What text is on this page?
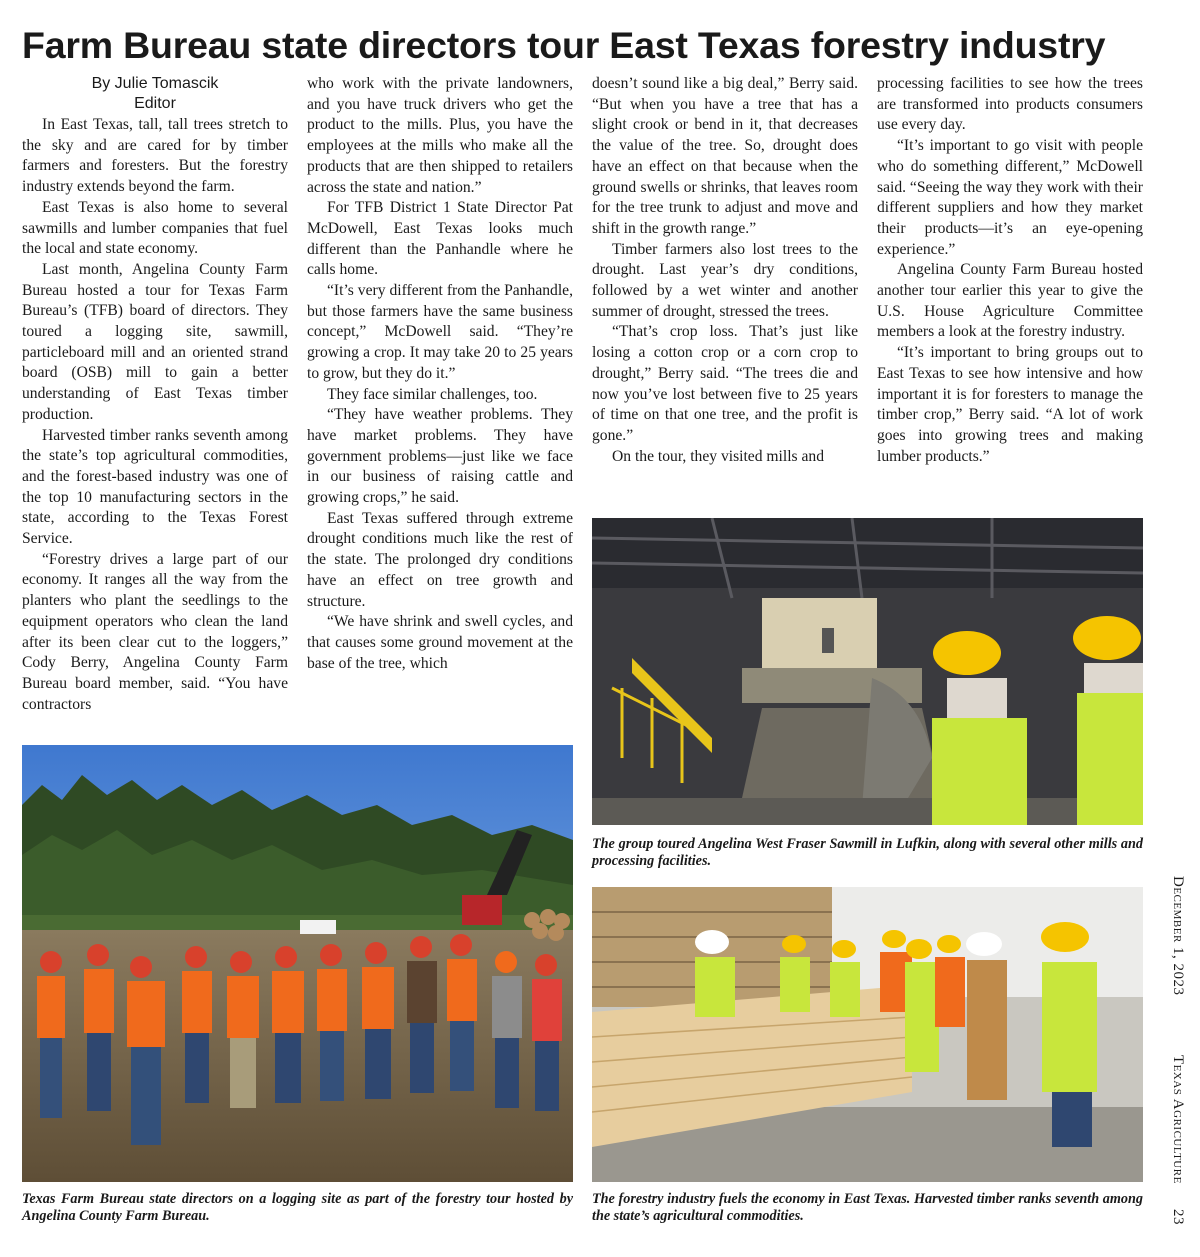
Farm Bureau state directors tour East Texas forestry industry
By Julie Tomascik
Editor

In East Texas, tall, tall trees stretch to the sky and are cared for by timber farmers and foresters. But the forestry industry extends beyond the farm.

East Texas is also home to several sawmills and lumber companies that fuel the local and state economy.

Last month, Angelina County Farm Bureau hosted a tour for Texas Farm Bureau’s (TFB) board of directors. They toured a logging site, sawmill, particleboard mill and an oriented strand board (OSB) mill to gain a better understanding of East Texas timber production.

Harvested timber ranks seventh among the state’s top agricultural commodities, and the forest-based industry was one of the top 10 manufacturing sectors in the state, according to the Texas Forest Service.

“Forestry drives a large part of our economy. It ranges all the way from the planters who plant the seedlings to the equipment operators who clean the land after its been clear cut to the loggers,” Cody Berry, Angelina County Farm Bureau board member, said. “You have contractors

who work with the private landowners, and you have truck drivers who get the product to the mills. Plus, you have the employees at the mills who make all the products that are then shipped to retailers across the state and nation.”

For TFB District 1 State Director Pat McDowell, East Texas looks much different than the Panhandle where he calls home.

“It’s very different from the Panhandle, but those farmers have the same business concept,” McDowell said. “They’re growing a crop. It may take 20 to 25 years to grow, but they do it.”

They face similar challenges, too.

“They have weather problems. They have market problems. They have government problems—just like we face in our business of raising cattle and growing crops,” he said.

East Texas suffered through extreme drought conditions much like the rest of the state. The prolonged dry conditions have an effect on tree growth and structure.

“We have shrink and swell cycles, and that causes some ground movement at the base of the tree, which

doesn’t sound like a big deal,” Berry said. “But when you have a tree that has a slight crook or bend in it, that decreases the value of the tree. So, drought does have an effect on that because when the ground swells or shrinks, that leaves room for the tree trunk to adjust and move and shift in the growth range.”

Timber farmers also lost trees to the drought. Last year’s dry conditions, followed by a wet winter and another summer of drought, stressed the trees.

“That’s crop loss. That’s just like losing a cotton crop or a corn crop to drought,” Berry said. “The trees die and now you’ve lost between five to 25 years of time on that one tree, and the profit is gone.”

On the tour, they visited mills and

processing facilities to see how the trees are transformed into products consumers use every day.

“It’s important to go visit with people who do something different,” McDowell said. “Seeing the way they work with their different suppliers and how they market their products—it’s an eye-opening experience.”

Angelina County Farm Bureau hosted another tour earlier this year to give the U.S. House Agriculture Committee members a look at the forestry industry.

“It’s important to bring groups out to East Texas to see how intensive and how important it is for foresters to manage the timber crop,” Berry said. “A lot of work goes into growing trees and making lumber products.”

Texas Farm Bureau state directors on a logging site as part of the forestry tour hosted by Angelina County Farm Bureau.

The group toured Angelina West Fraser Sawmill in Lufkin, along with several other mills and processing facilities.

The forestry industry fuels the economy in East Texas. Harvested timber ranks seventh among the state’s agricultural commodities.

December 1, 2023
Texas Agriculture
23
